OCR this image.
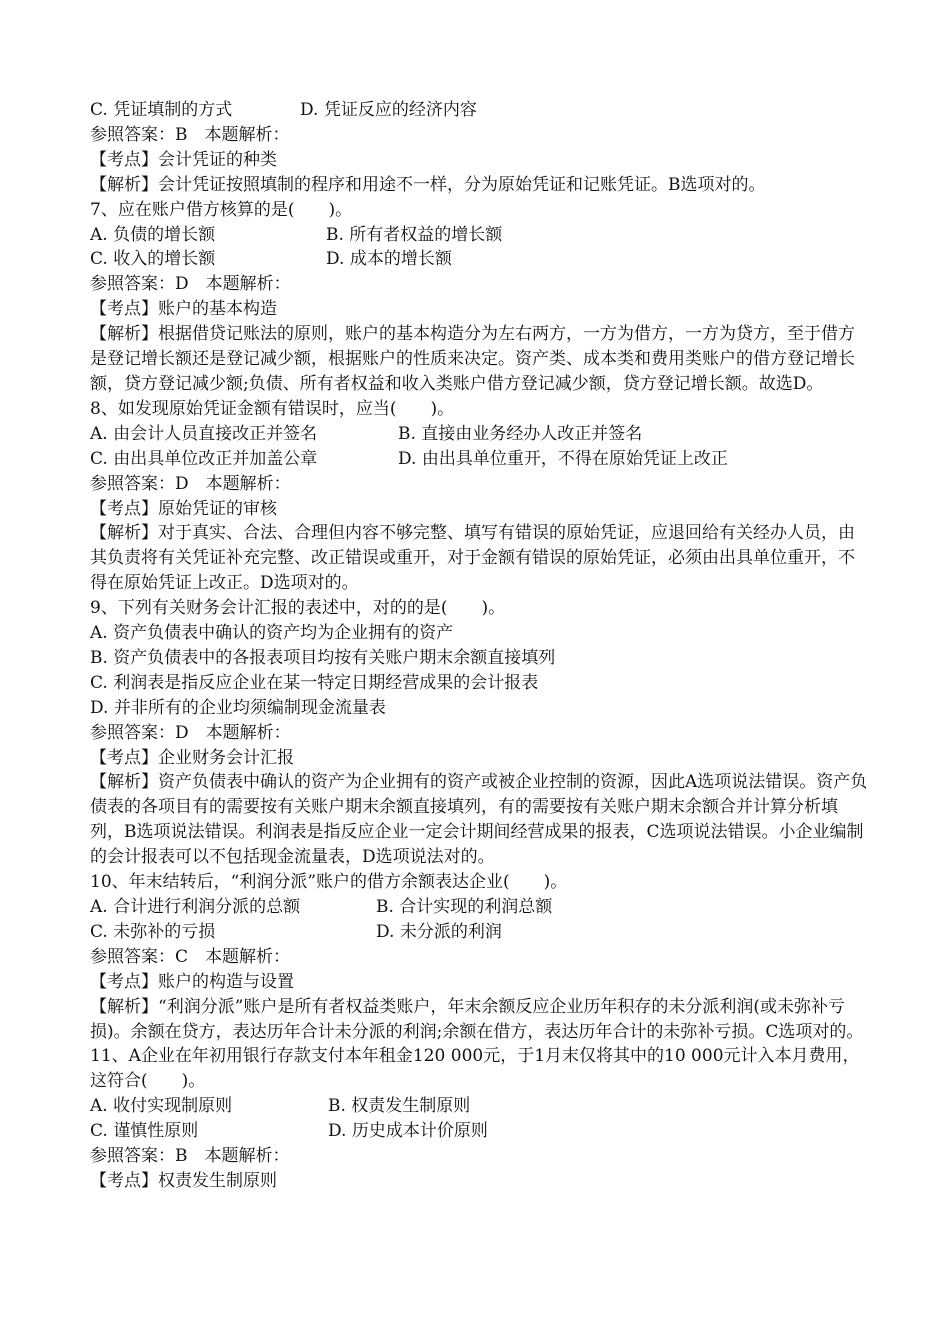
C. 凭证填制的方式	D. 凭证反应的经济内容
参照答案：B　本题解析：
【考点】会计凭证的种类
【解析】会计凭证按照填制的程序和用途不一样，分为原始凭证和记账凭证。B选项对的。
7、应在账户借方核算的是(　　)。
A. 负债的增长额	B. 所有者权益的增长额
C. 收入的增长额	D. 成本的增长额
参照答案：D　本题解析：
【考点】账户的基本构造
【解析】根据借贷记账法的原则，账户的基本构造分为左右两方，一方为借方，一方为贷方，至于借方是登记增长额还是登记减少额，根据账户的性质来决定。资产类、成本类和费用类账户的借方登记增长额，贷方登记减少额;负债、所有者权益和收入类账户借方登记减少额，贷方登记增长额。故选D。
8、如发现原始凭证金额有错误时，应当(　　)。
A. 由会计人员直接改正并签名	B. 直接由业务经办人改正并签名
C. 由出具单位改正并加盖公章	D. 由出具单位重开，不得在原始凭证上改正
参照答案：D　本题解析：
【考点】原始凭证的审核
【解析】对于真实、合法、合理但内容不够完整、填写有错误的原始凭证，应退回给有关经办人员，由其负责将有关凭证补充完整、改正错误或重开，对于金额有错误的原始凭证，必须由出具单位重开，不得在原始凭证上改正。D选项对的。
9、下列有关财务会计汇报的表述中，对的的是(　　)。
A. 资产负债表中确认的资产均为企业拥有的资产
B. 资产负债表中的各报表项目均按有关账户期末余额直接填列
C. 利润表是指反应企业在某一特定日期经营成果的会计报表
D. 并非所有的企业均须编制现金流量表
参照答案：D　本题解析：
【考点】企业财务会计汇报
【解析】资产负债表中确认的资产为企业拥有的资产或被企业控制的资源，因此A选项说法错误。资产负债表的各项目有的需要按有关账户期末余额直接填列，有的需要按有关账户期末余额合并计算分析填列，B选项说法错误。利润表是指反应企业一定会计期间经营成果的报表，C选项说法错误。小企业编制的会计报表可以不包括现金流量表，D选项说法对的。
10、年末结转后，“利润分派”账户的借方余额表达企业(　　)。
A. 合计进行利润分派的总额	B. 合计实现的利润总额
C. 未弥补的亏损	D. 未分派的利润
参照答案：C　本题解析：
【考点】账户的构造与设置
【解析】“利润分派”账户是所有者权益类账户，年末余额反应企业历年积存的未分派利润(或未弥补亏损)。余额在贷方，表达历年合计未分派的利润;余额在借方，表达历年合计的未弥补亏损。C选项对的。
11、A企业在年初用银行存款支付本年租金120 000元，于1月末仅将其中的10 000元计入本月费用，这符合(　　)。
A. 收付实现制原则	B. 权责发生制原则
C. 谨慎性原则	D. 历史成本计价原则
参照答案：B　本题解析：
【考点】权责发生制原则
